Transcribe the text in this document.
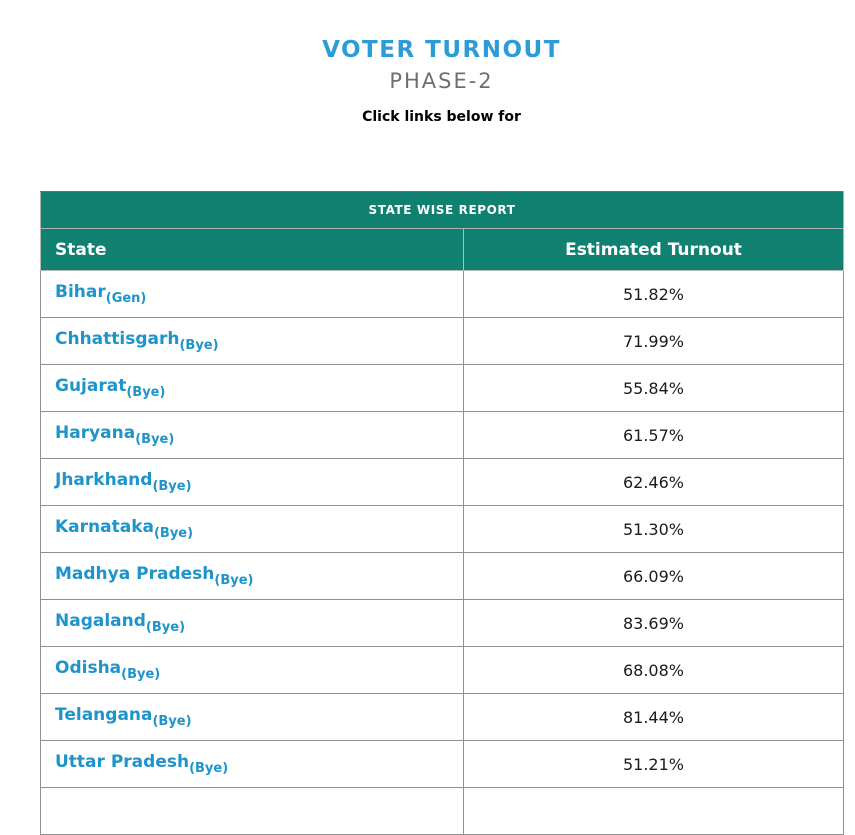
VOTER TURNOUT
PHASE-2

Click links below for

STATE WISE REPORT	
State	Estimated Turnout
Bihar$_{(Gen)}$	51.82%
Chhattisgarh$_{(Bye)}$	71.99%
Gujarat$_{(Bye)}$	55.84%
Haryana$_{(Bye)}$	61.57%
Jharkhand$_{(Bye)}$	62.46%
Karnataka$_{(Bye)}$	51.30%
Madhya Pradesh$_{(Bye)}$	66.09%
Nagaland$_{(Bye)}$	83.69%
Odisha$_{(Bye)}$	68.08%
Telangana$_{(Bye)}$	81.44%
Uttar Pradesh$_{(Bye)}$	51.21%
